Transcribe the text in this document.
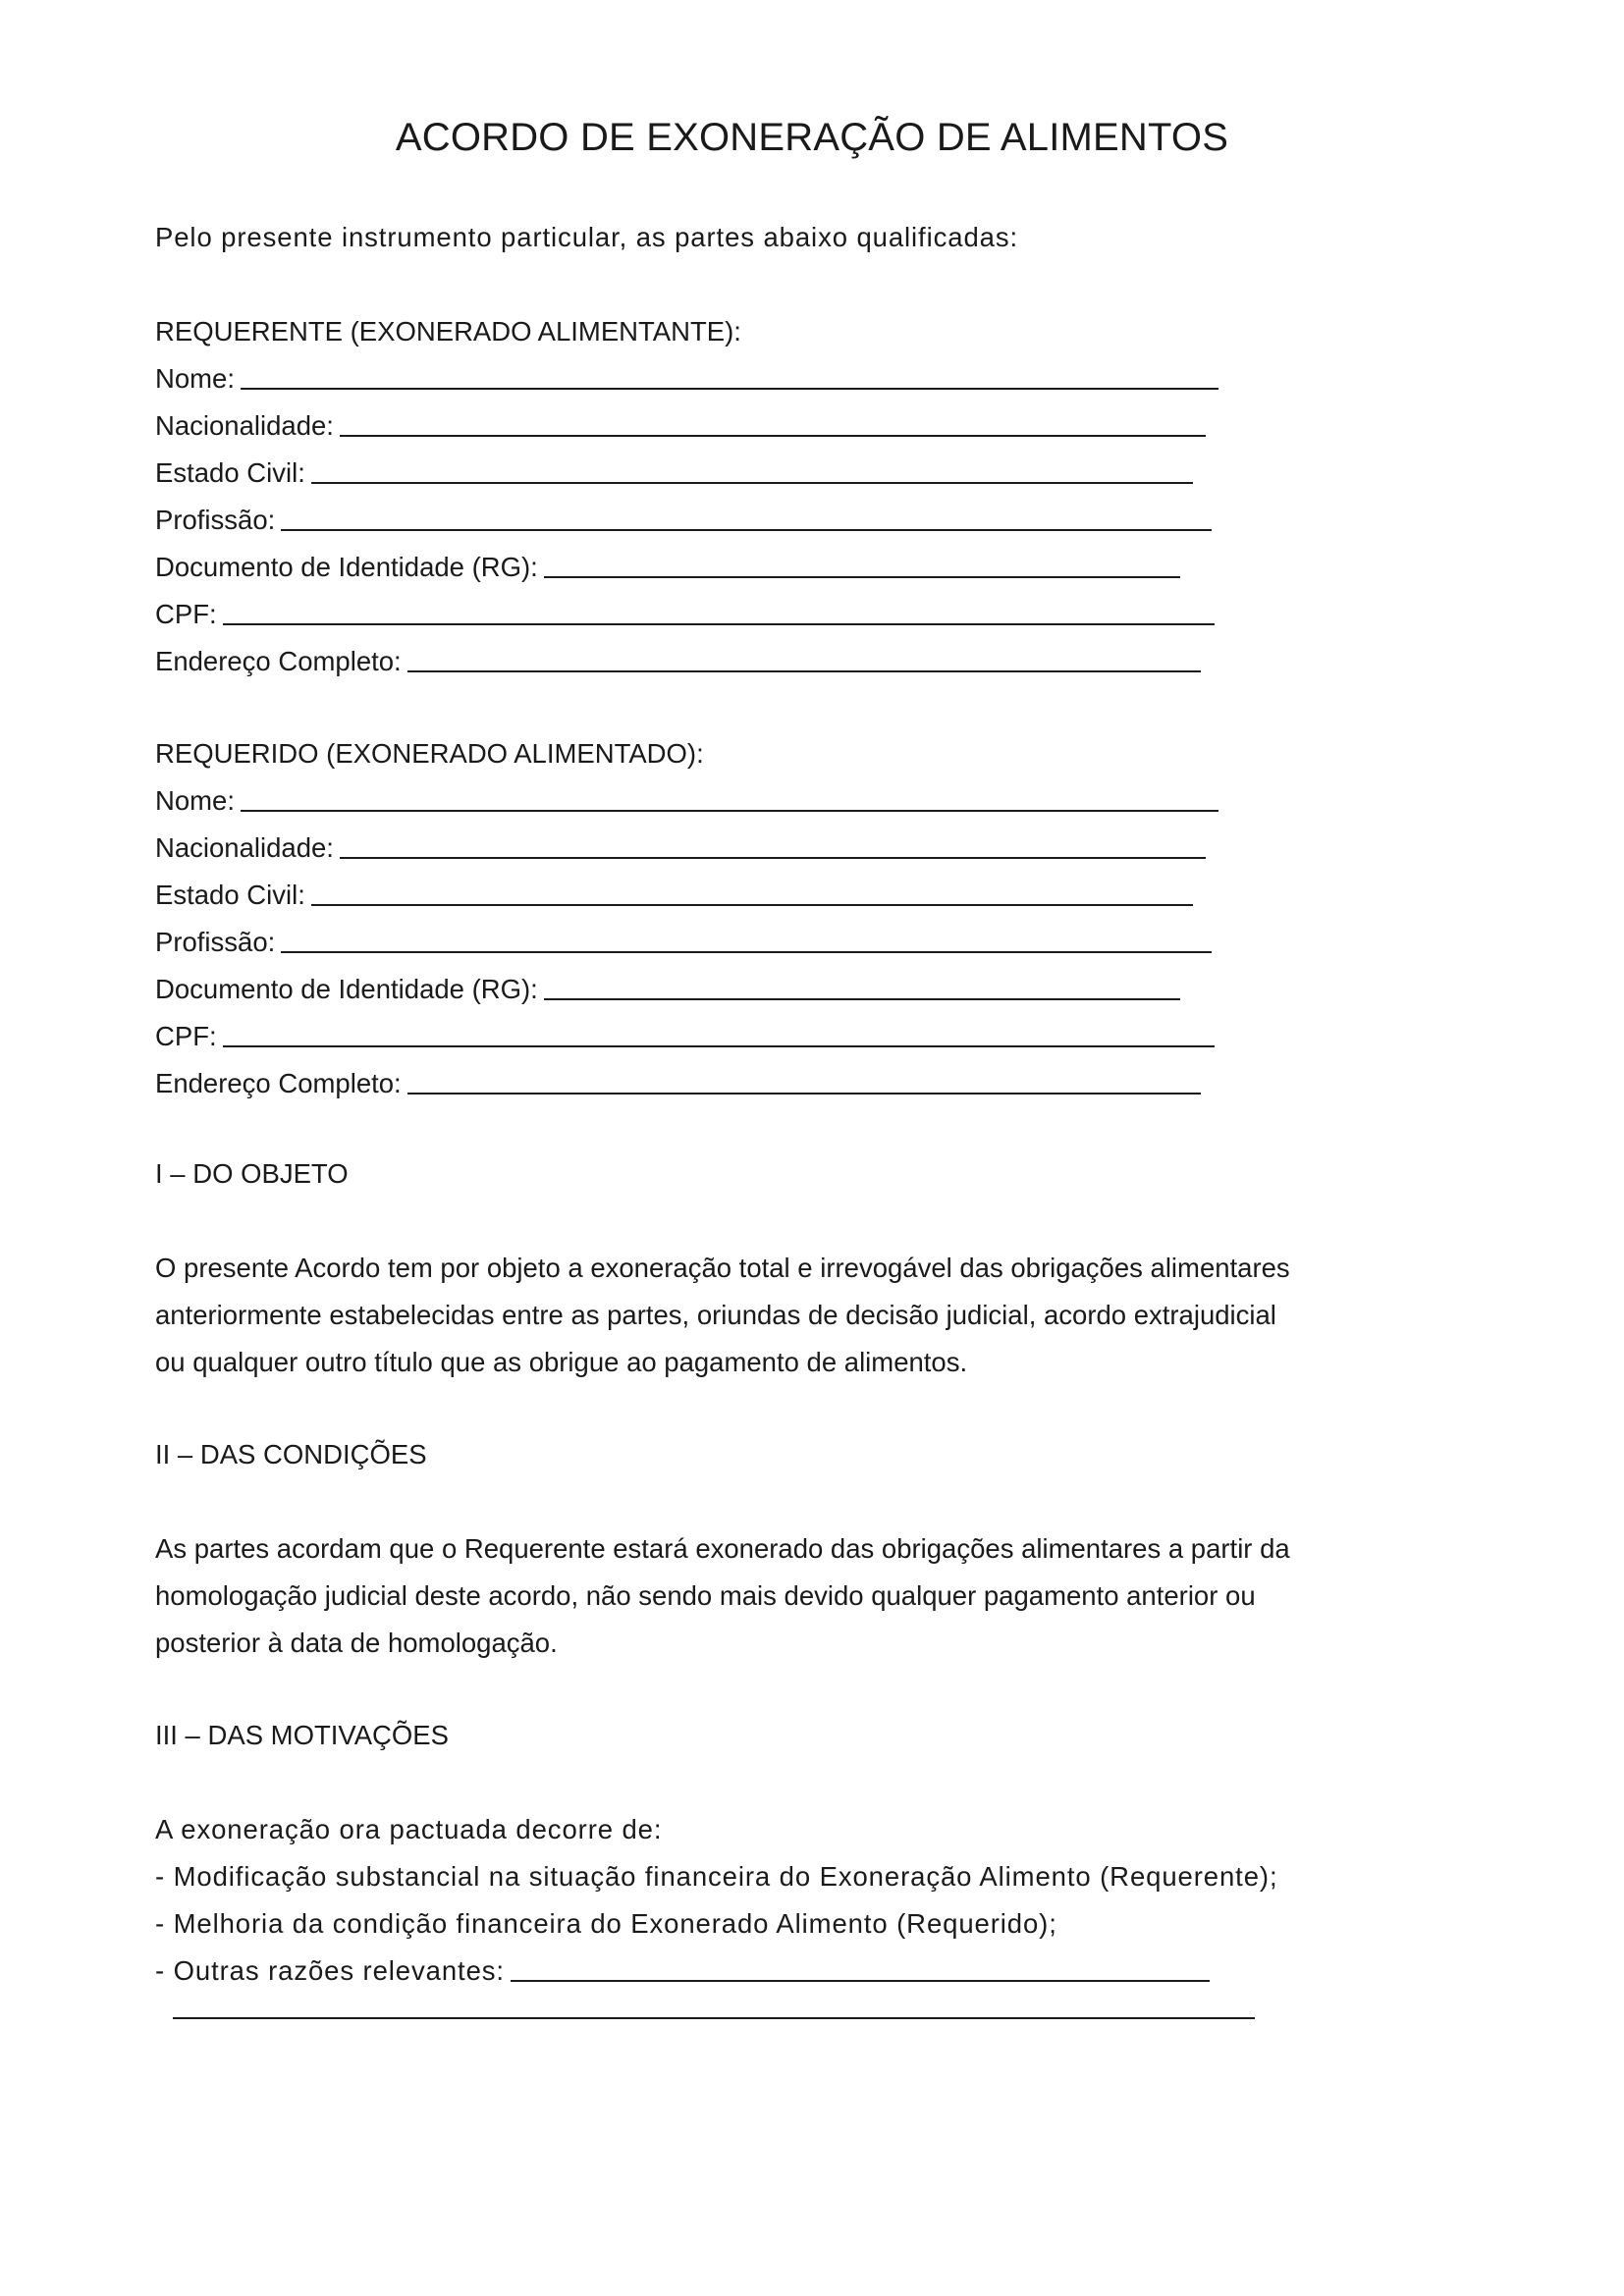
ACORDO DE EXONERAÇÃO DE ALIMENTOS
Pelo presente instrumento particular, as partes abaixo qualificadas:
REQUERENTE (EXONERADO ALIMENTANTE):
Nome:
Nacionalidade:
Estado Civil:
Profissão:
Documento de Identidade (RG):
CPF:
Endereço Completo:
REQUERIDO (EXONERADO ALIMENTADO):
Nome:
Nacionalidade:
Estado Civil:
Profissão:
Documento de Identidade (RG):
CPF:
Endereço Completo:
I – DO OBJETO
O presente Acordo tem por objeto a exoneração total e irrevogável das obrigações alimentares
anteriormente estabelecidas entre as partes, oriundas de decisão judicial, acordo extrajudicial
ou qualquer outro título que as obrigue ao pagamento de alimentos.
II – DAS CONDIÇÕES
As partes acordam que o Requerente estará exonerado das obrigações alimentares a partir da
homologação judicial deste acordo, não sendo mais devido qualquer pagamento anterior ou
posterior à data de homologação.
III – DAS MOTIVAÇÕES
A exoneração ora pactuada decorre de:
- Modificação substancial na situação financeira do Exoneração Alimento (Requerente);
- Melhoria da condição financeira do Exonerado Alimento (Requerido);
- Outras razões relevantes:
